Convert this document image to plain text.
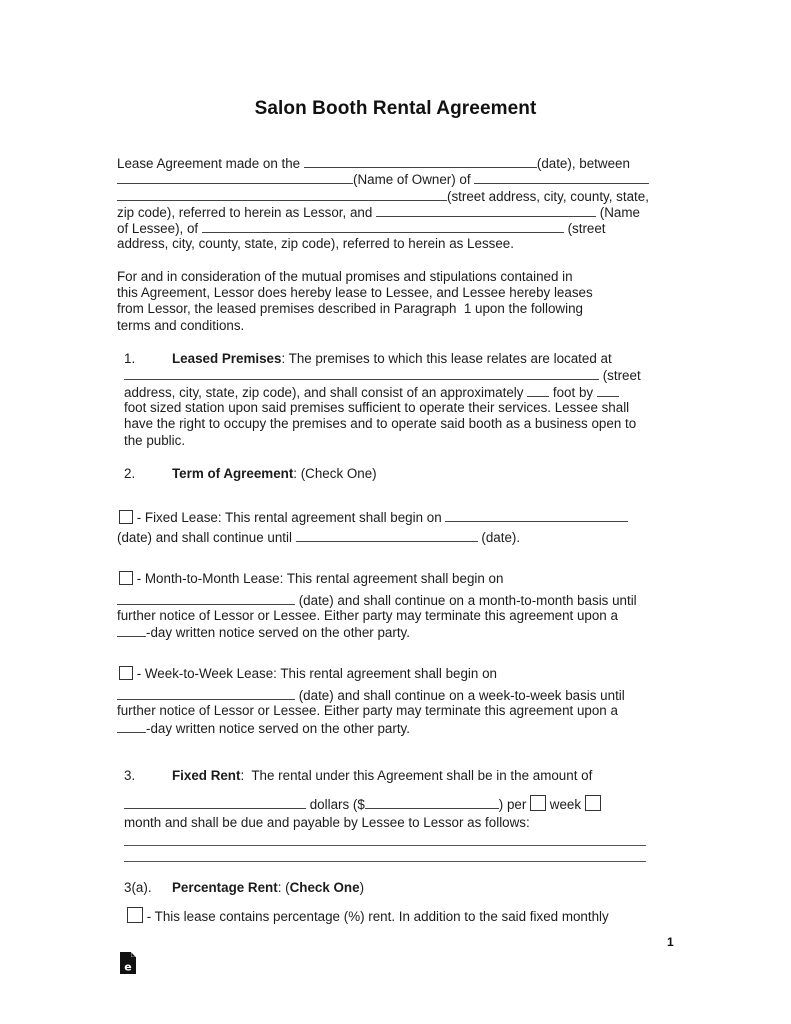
Salon Booth Rental Agreement
Lease Agreement made on the	(date), between
(Name of Owner) of
(street address, city, county, state,
zip code), referred to herein as Lessor, and	(Name
of Lessee), of	(street
address, city, county, state, zip code), referred to herein as Lessee.
For and in consideration of the mutual promises and stipulations contained in
this Agreement, Lessor does hereby lease to Lessee, and Lessee hereby leases
from Lessor, the leased premises described in Paragraph  1 upon the following
terms and conditions.
1.	Leased Premises: The premises to which this lease relates are located at
(street
address, city, state, zip code), and shall consist of an approximately  foot by
foot sized station upon said premises sufficient to operate their services. Lessee shall
have the right to occupy the premises and to operate said booth as a business open to
the public.
2.	Term of Agreement: (Check One)
- Fixed Lease: This rental agreement shall begin on
(date) and shall continue until	(date).
- Month-to-Month Lease: This rental agreement shall begin on
(date) and shall continue on a month-to-month basis until
further notice of Lessor or Lessee. Either party may terminate this agreement upon a
-day written notice served on the other party.
- Week-to-Week Lease: This rental agreement shall begin on
(date) and shall continue on a week-to-week basis until
further notice of Lessor or Lessee. Either party may terminate this agreement upon a
-day written notice served on the other party.
3.	Fixed Rent:  The rental under this Agreement shall be in the amount of
dollars ($	) per  week
month and shall be due and payable by Lessee to Lessor as follows:
3(a). Percentage Rent: (Check One)
- This lease contains percentage (%) rent. In addition to the said fixed monthly
1
e
